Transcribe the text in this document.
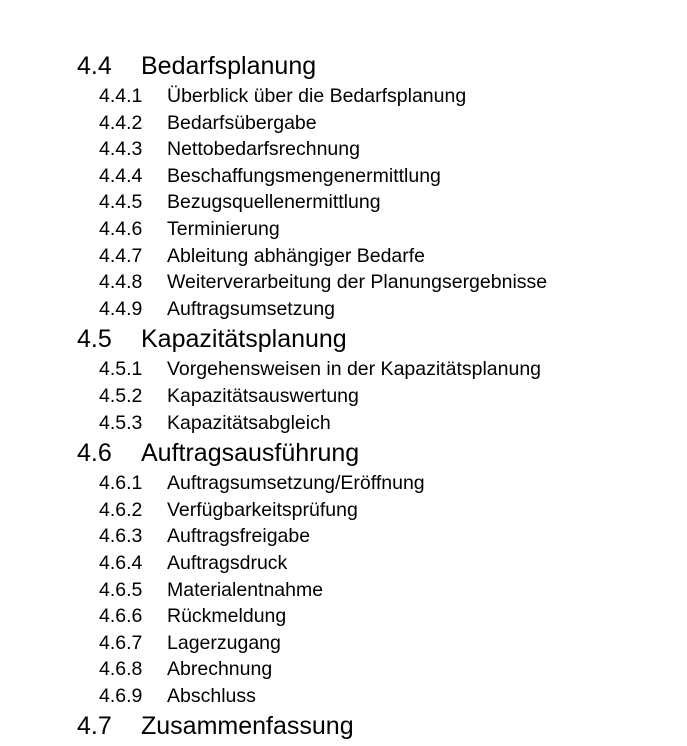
4.4 Bedarfsplanung
4.4.1 Überblick über die Bedarfsplanung
4.4.2 Bedarfsübergabe
4.4.3 Nettobedarfsrechnung
4.4.4 Beschaffungsmengenermittlung
4.4.5 Bezugsquellenermittlung
4.4.6 Terminierung
4.4.7 Ableitung abhängiger Bedarfe
4.4.8 Weiterverarbeitung der Planungsergebnisse
4.4.9 Auftragsumsetzung
4.5 Kapazitätsplanung
4.5.1 Vorgehensweisen in der Kapazitätsplanung
4.5.2 Kapazitätsauswertung
4.5.3 Kapazitätsabgleich
4.6 Auftragsausführung
4.6.1 Auftragsumsetzung/Eröffnung
4.6.2 Verfügbarkeitsprüfung
4.6.3 Auftragsfreigabe
4.6.4 Auftragsdruck
4.6.5 Materialentnahme
4.6.6 Rückmeldung
4.6.7 Lagerzugang
4.6.8 Abrechnung
4.6.9 Abschluss
4.7 Zusammenfassung
